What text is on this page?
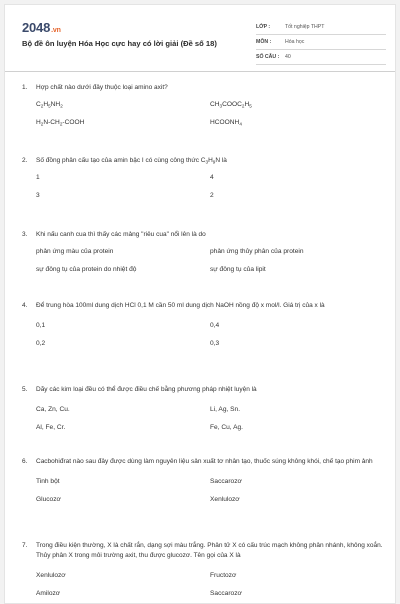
2048.vn
Bộ đề ôn luyện Hóa Học cực hay có lời giải (Đề số 18)
LỚP :	Tốt nghiệp THPT
MÔN :	Hóa học
SỐ CÂU :	40
1.	Hợp chất nào dưới đây thuộc loại amino axit?
$C_2H_5NH_2$	$CH_3COOC_2H_5$
$H_2N-CH_2$-COOH	$HCOONH_4$
2.	Số đồng phân cấu tạo của amin bậc I có cùng công thức $C_3H_9N$ là
1	4
3	2
3.	Khi nấu canh cua thì thấy các mảng "riêu cua" nổi lên là do
phản ứng màu của protein	phản ứng thủy phân của protein
sự đông tụ của protein do nhiệt độ	sự đông tụ của lipit
4.	Để trung hòa 100ml dung dịch HCl 0,1 M cần 50 ml dung dịch NaOH nồng độ x mol/l. Giá trị của x là
0,1	0,4
0,2	0,3
5.	Dãy các kim loại đều có thể được điều chế bằng phương pháp nhiệt luyện là
Ca, Zn, Cu.	Li, Ag, Sn.
Al, Fe, Cr.	Fe, Cu, Ag.
6.	Cacbohiđrat nào sau đây được dùng làm nguyên liệu sản xuất tơ nhân tạo, thuốc súng không khói, chế tạo phim ảnh
Tinh bột	Saccarozơ
Glucozơ	Xenlulozơ
7.	Trong điều kiện thường, X là chất rắn, dạng sợi màu trắng. Phân tử X có cấu trúc mạch không phân nhánh, không xoắn. Thủy phân X trong môi trường axit, thu được glucozơ. Tên gọi của X là
Xenlulozơ	Fructozơ
Amilozơ	Saccarozơ
